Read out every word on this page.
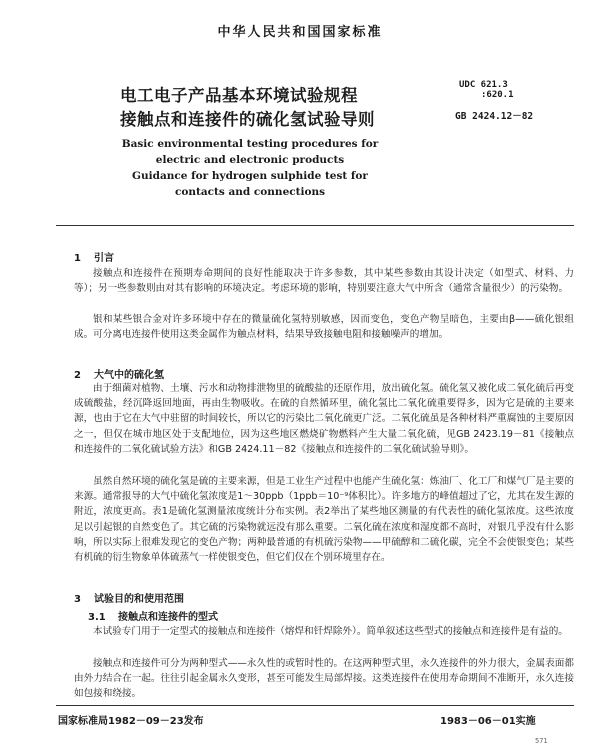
中华人民共和国国家标准
电工电子产品基本环境试验规程
接触点和连接件的硫化氢试验导则
UDC 621.3
:620.1
GB 2424.12－82
Basic environmental testing procedures for
electric and electronic products
Guidance for hydrogen sulphide test for
contacts and connections
1 引言
接触点和连接件在预期寿命期间的良好性能取决于许多参数，其中某些参数由其设计决定（如型式、材料、力等）；另一些参数则由对其有影响的环境决定。考虑环境的影响，特别要注意大气中所含（通常含量很少）的污染物。
银和某些银合金对许多环境中存在的微量硫化氢特别敏感，因而变色，变色产物呈暗色，主要由β——硫化银组成。可分离电连接件使用这类金属作为触点材料，结果导致接触电阻和接触噪声的增加。
2 大气中的硫化氢
由于细菌对植物、土壤、污水和动物排泄物里的硫酸盐的还原作用，放出硫化氢。硫化氢又被化成二氧化硫后再变成硫酸盐，经沉降返回地面，再由生物吸收。在硫的自然循环里，硫化氢比二氧化硫重要得多，因为它是硫的主要来源，也由于它在大气中驻留的时间较长，所以它的污染比二氧化硫更广泛。二氧化硫虽是各种材料严重腐蚀的主要原因之一，但仅在城市地区处于支配地位，因为这些地区燃烧矿物燃料产生大量二氧化硫，见GB 2423.19－81《接触点和连接件的二氧化硫试验方法》和GB 2424.11－82《接触点和连接件的二氧化硫试验导则》。
虽然自然环境的硫化氢是硫的主要来源，但是工业生产过程中也能产生硫化氢：炼油厂、化工厂和煤气厂是主要的来源。通常报导的大气中硫化氢浓度是1～30ppb（1ppb＝10⁻⁹体积比）。许多地方的峰值超过了它，尤其在发生源的附近，浓度更高。表1是硫化氢测量浓度统计分布实例。表2举出了某些地区测量的有代表性的硫化氢浓度。这些浓度足以引起银的自然变色了。其它硫的污染物就远没有那么重要。二氧化硫在浓度和湿度都不高时，对银几乎没有什么影响，所以实际上很难发现它的变色产物；两种最普通的有机硫污染物——甲硫醇和二硫化碳，完全不会使银变色；某些有机硫的衍生物象单体硫蒸气一样使银变色，但它们仅在个别环境里存在。
3 试验目的和使用范围
3.1 接触点和连接件的型式
本试验专门用于一定型式的接触点和连接件（熔焊和钎焊除外）。简单叙述这些型式的接触点和连接件是有益的。
接触点和连接件可分为两种型式——永久性的或暂时性的。在这两种型式里，永久连接件的外力很大，金属表面都由外力结合在一起。往往引起金属永久变形，甚至可能发生局部焊接。这类连接件在使用寿命期间不准断开，永久连接如包接和绕接。
国家标准局1982－09－23发布	1983－06－01实施
571
